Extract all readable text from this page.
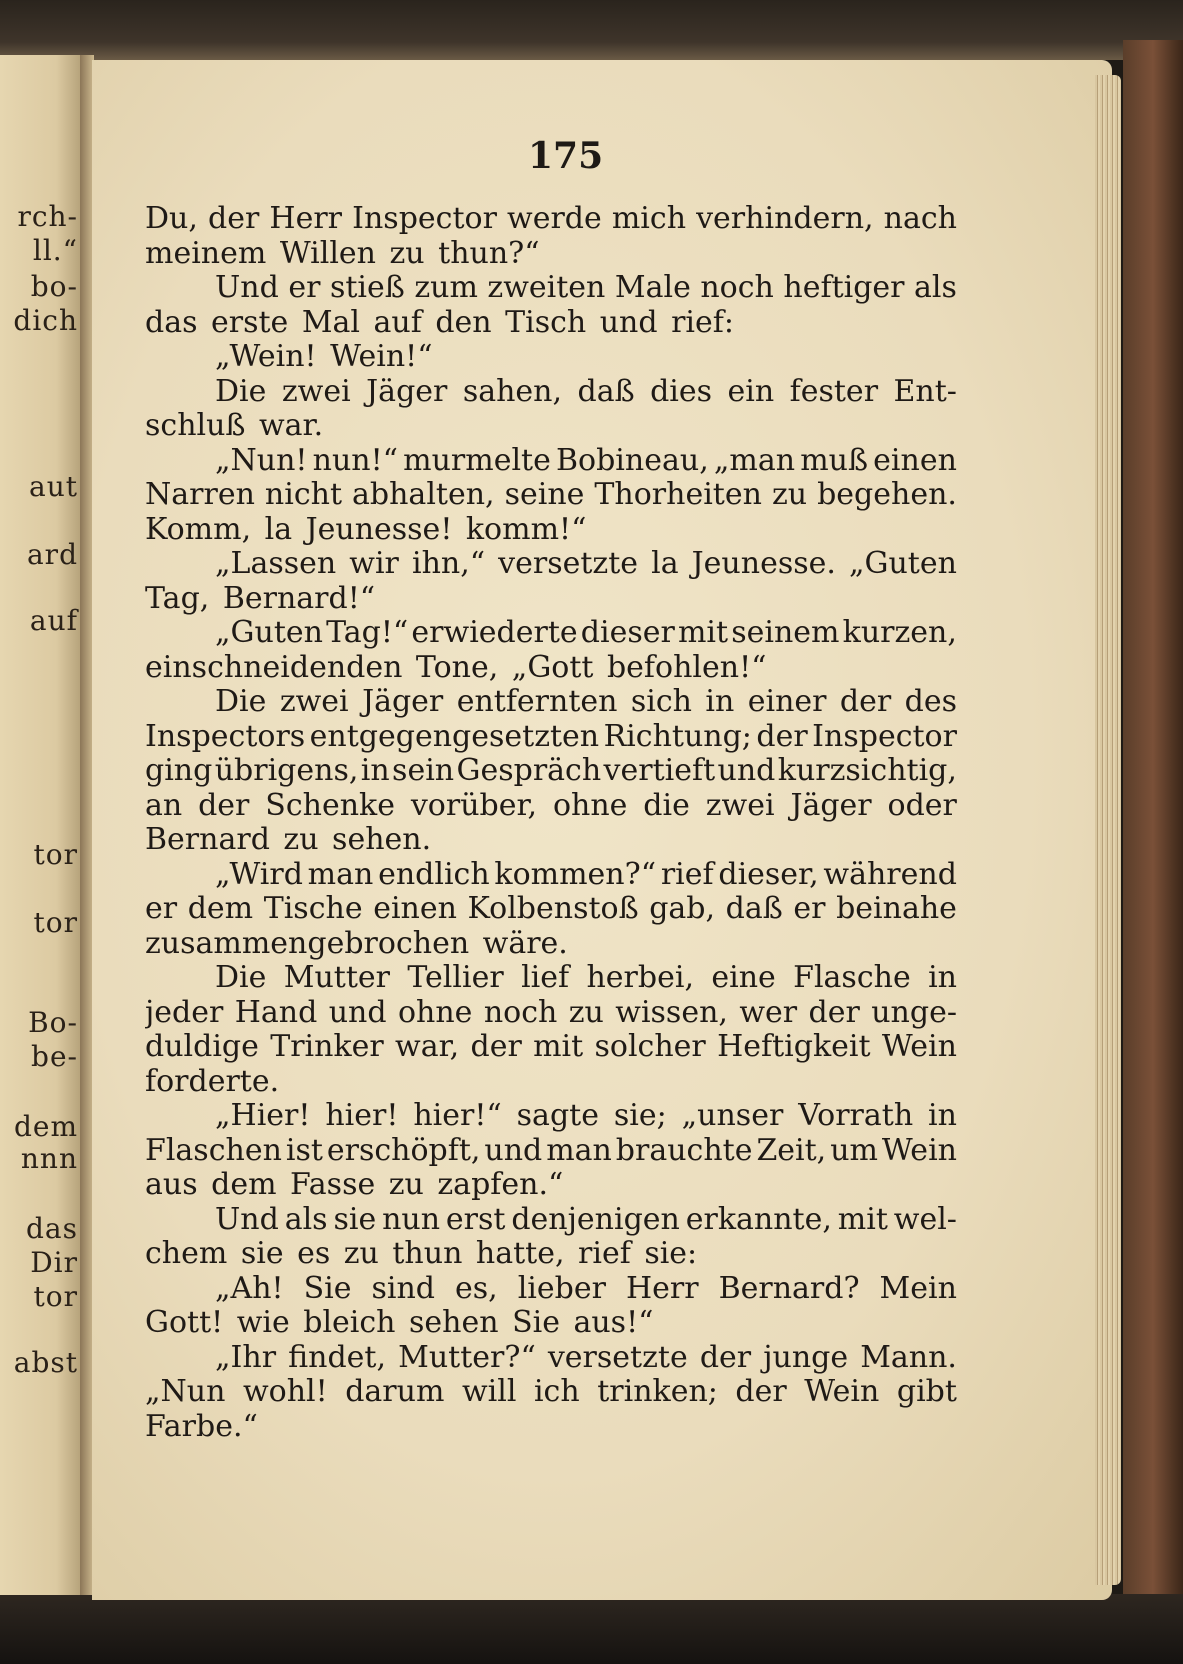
175
Du, der Herr Inspector werde mich verhindern, nach
meinem Willen zu thun?“
Und er stieß zum zweiten Male noch heftiger als
das erste Mal auf den Tisch und rief:
„Wein! Wein!“
Die zwei Jäger sahen, daß dies ein fester Ent-
schluß war.
„Nun! nun!“ murmelte Bobineau, „man muß einen
Narren nicht abhalten, seine Thorheiten zu begehen.
Komm, la Jeunesse! komm!“
„Lassen wir ihn,“ versetzte la Jeunesse. „Guten
Tag, Bernard!“
„Guten Tag!“ erwiederte dieser mit seinem kurzen,
einschneidenden Tone, „Gott befohlen!“
Die zwei Jäger entfernten sich in einer der des
Inspectors entgegengesetzten Richtung; der Inspector
ging übrigens, in sein Gespräch vertieft und kurzsichtig,
an der Schenke vorüber, ohne die zwei Jäger oder
Bernard zu sehen.
„Wird man endlich kommen?“ rief dieser, während
er dem Tische einen Kolbenstoß gab, daß er beinahe
zusammengebrochen wäre.
Die Mutter Tellier lief herbei, eine Flasche in
jeder Hand und ohne noch zu wissen, wer der unge-
duldige Trinker war, der mit solcher Heftigkeit Wein
forderte.
„Hier! hier! hier!“ sagte sie; „unser Vorrath in
Flaschen ist erschöpft, und man brauchte Zeit, um Wein
aus dem Fasse zu zapfen.“
Und als sie nun erst denjenigen erkannte, mit wel-
chem sie es zu thun hatte, rief sie:
„Ah! Sie sind es, lieber Herr Bernard? Mein
Gott! wie bleich sehen Sie aus!“
„Ihr findet, Mutter?“ versetzte der junge Mann.
„Nun wohl! darum will ich trinken; der Wein gibt
Farbe.“
rch-
ll.“
bo-
dich
aut
ard
auf
tor
tor
Bo-
be-
dem
nnn
das
Dir
tor
abst
